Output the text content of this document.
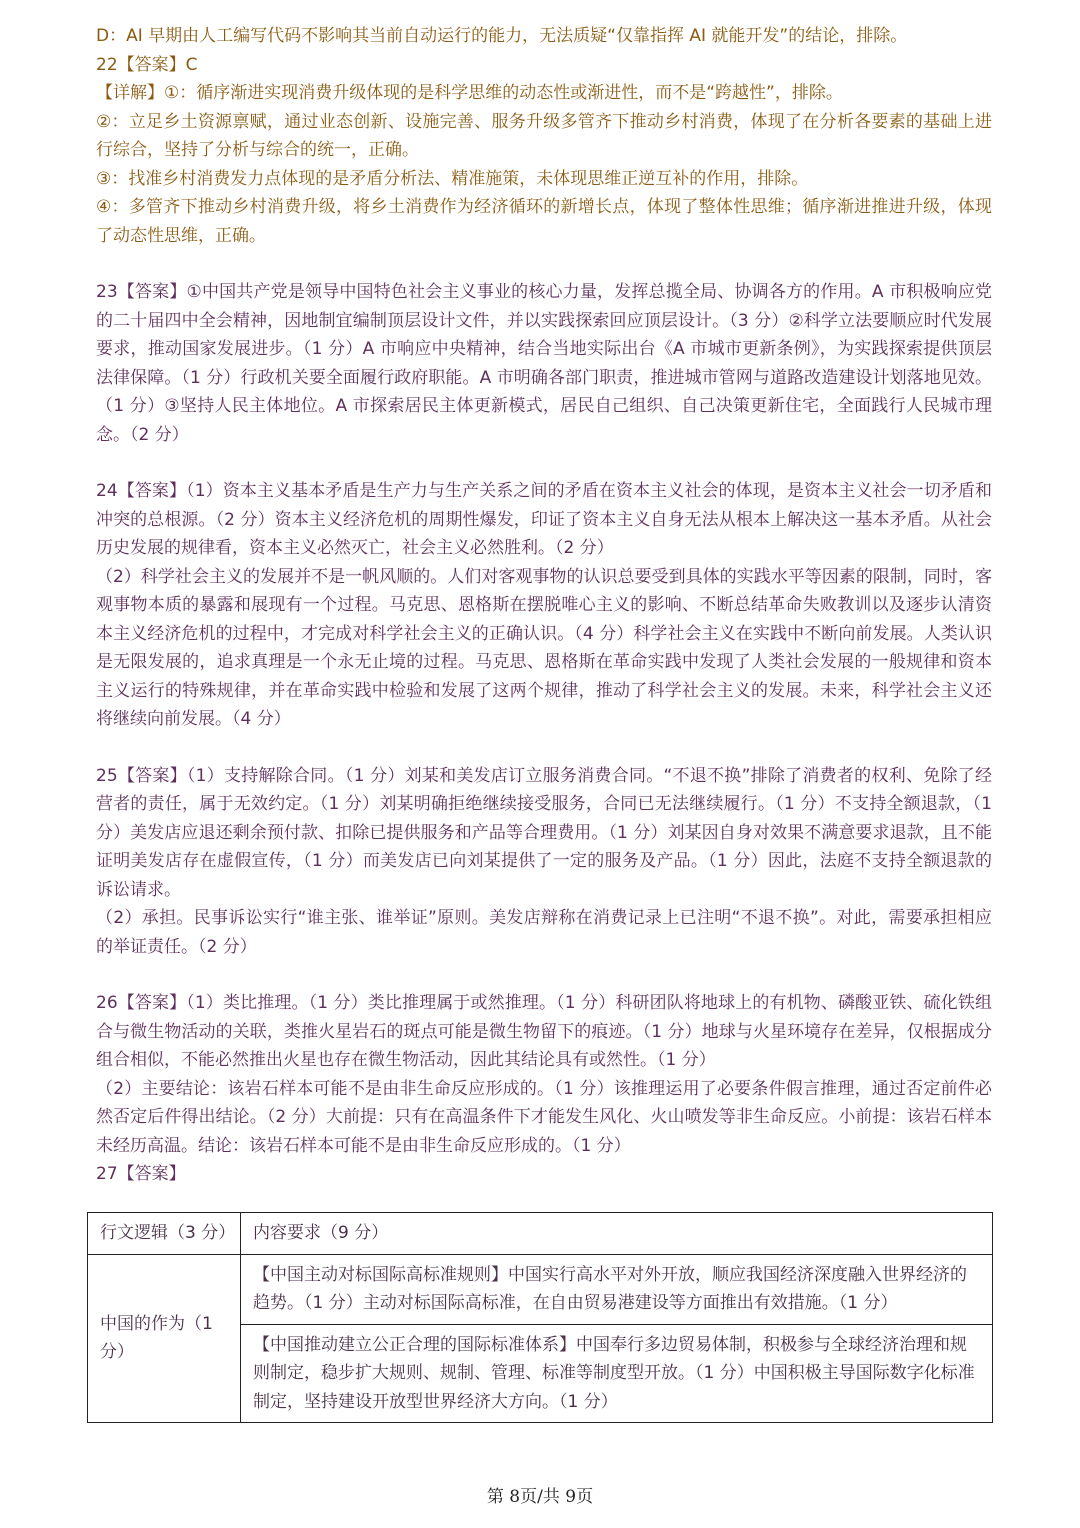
D：AI 早期由人工编写代码不影响其当前自动运行的能力，无法质疑“仅靠指挥 AI 就能开发”的结论，排除。

22【答案】C

【详解】①：循序渐进实现消费升级体现的是科学思维的动态性或渐进性，而不是“跨越性”，排除。

②：立足乡土资源禀赋，通过业态创新、设施完善、服务升级多管齐下推动乡村消费，体现了在分析各要素的基础上进行综合，坚持了分析与综合的统一，正确。

③：找准乡村消费发力点体现的是矛盾分析法、精准施策，未体现思维正逆互补的作用，排除。

④：多管齐下推动乡村消费升级，将乡土消费作为经济循环的新增长点，体现了整体性思维；循序渐进推进升级，体现了动态性思维，正确。

23【答案】①中国共产党是领导中国特色社会主义事业的核心力量，发挥总揽全局、协调各方的作用。A 市积极响应党的二十届四中全会精神，因地制宜编制顶层设计文件，并以实践探索回应顶层设计。（3 分）②科学立法要顺应时代发展要求，推动国家发展进步。（1 分）A 市响应中央精神，结合当地实际出台《A 市城市更新条例》，为实践探索提供顶层法律保障。（1 分）行政机关要全面履行政府职能。A 市明确各部门职责，推进城市管网与道路改造建设计划落地见效。（1 分）③坚持人民主体地位。A 市探索居民主体更新模式，居民自己组织、自己决策更新住宅，全面践行人民城市理念。（2 分）

24【答案】（1）资本主义基本矛盾是生产力与生产关系之间的矛盾在资本主义社会的体现，是资本主义社会一切矛盾和冲突的总根源。（2 分）资本主义经济危机的周期性爆发，印证了资本主义自身无法从根本上解决这一基本矛盾。从社会历史发展的规律看，资本主义必然灭亡，社会主义必然胜利。（2 分）

（2）科学社会主义的发展并不是一帆风顺的。人们对客观事物的认识总要受到具体的实践水平等因素的限制，同时，客观事物本质的暴露和展现有一个过程。马克思、恩格斯在摆脱唯心主义的影响、不断总结革命失败教训以及逐步认清资本主义经济危机的过程中，才完成对科学社会主义的正确认识。（4 分）科学社会主义在实践中不断向前发展。人类认识是无限发展的，追求真理是一个永无止境的过程。马克思、恩格斯在革命实践中发现了人类社会发展的一般规律和资本主义运行的特殊规律，并在革命实践中检验和发展了这两个规律，推动了科学社会主义的发展。未来，科学社会主义还将继续向前发展。（4 分）

25【答案】（1）支持解除合同。（1 分）刘某和美发店订立服务消费合同。“不退不换”排除了消费者的权利、免除了经营者的责任，属于无效约定。（1 分）刘某明确拒绝继续接受服务，合同已无法继续履行。（1 分）不支持全额退款，（1 分）美发店应退还剩余预付款、扣除已提供服务和产品等合理费用。（1 分）刘某因自身对效果不满意要求退款，且不能证明美发店存在虚假宣传，（1 分）而美发店已向刘某提供了一定的服务及产品。（1 分）因此，法庭不支持全额退款的诉讼请求。

（2）承担。民事诉讼实行“谁主张、谁举证”原则。美发店辩称在消费记录上已注明“不退不换”。对此，需要承担相应的举证责任。（2 分）

26【答案】（1）类比推理。（1 分）类比推理属于或然推理。（1 分）科研团队将地球上的有机物、磷酸亚铁、硫化铁组合与微生物活动的关联，类推火星岩石的斑点可能是微生物留下的痕迹。（1 分）地球与火星环境存在差异，仅根据成分组合相似，不能必然推出火星也存在微生物活动，因此其结论具有或然性。（1 分）

（2）主要结论：该岩石样本可能不是由非生命反应形成的。（1 分）该推理运用了必要条件假言推理，通过否定前件必然否定后件得出结论。（2 分）大前提：只有在高温条件下才能发生风化、火山喷发等非生命反应。小前提：该岩石样本未经历高温。结论：该岩石样本可能不是由非生命反应形成的。（1 分）

27【答案】

行文逻辑（3 分）	内容要求（9 分）
中国的作为（1 分）	【中国主动对标国际高标准规则】中国实行高水平对外开放，顺应我国经济深度融入世界经济的趋势。（1 分）主动对标国际高标准，在自由贸易港建设等方面推出有效措施。（1 分）
	【中国推动建立公正合理的国际标准体系】中国奉行多边贸易体制，积极参与全球经济治理和规则制定，稳步扩大规则、规制、管理、标准等制度型开放。（1 分）中国积极主导国际数字化标准制定，坚持建设开放型世界经济大方向。（1 分）
第 8页/共 9页
